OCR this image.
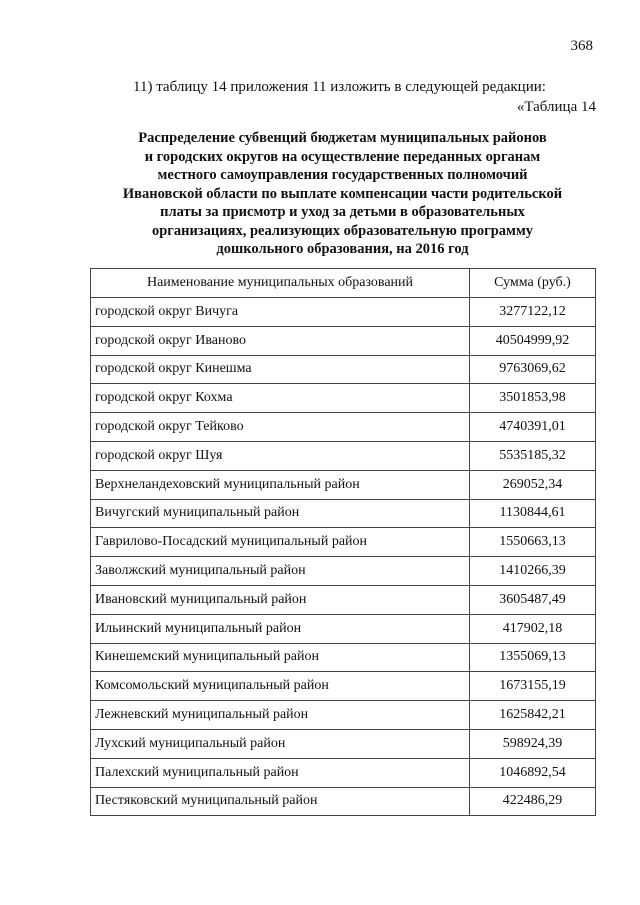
368
11) таблицу 14 приложения 11 изложить в следующей редакции:
«Таблица 14
Распределение субвенций бюджетам муниципальных районов
и городских округов на осуществление переданных органам
местного самоуправления государственных полномочий
Ивановской области по выплате компенсации части родительской
платы за присмотр и уход за детьми в образовательных
организациях, реализующих образовательную программу
дошкольного образования, на 2016 год
Наименование муниципальных образований	Сумма (руб.)
городской округ Вичуга	3277122,12
городской округ Иваново	40504999,92
городской округ Кинешма	9763069,62
городской округ Кохма	3501853,98
городской округ Тейково	4740391,01
городской округ Шуя	5535185,32
Верхнеландеховский муниципальный район	269052,34
Вичугский муниципальный район	1130844,61
Гаврилово-Посадский муниципальный район	1550663,13
Заволжский муниципальный район	1410266,39
Ивановский муниципальный район	3605487,49
Ильинский муниципальный район	417902,18
Кинешемский муниципальный район	1355069,13
Комсомольский муниципальный район	1673155,19
Лежневский муниципальный район	1625842,21
Лухский муниципальный район	598924,39
Палехский муниципальный район	1046892,54
Пестяковский муниципальный район	422486,29
